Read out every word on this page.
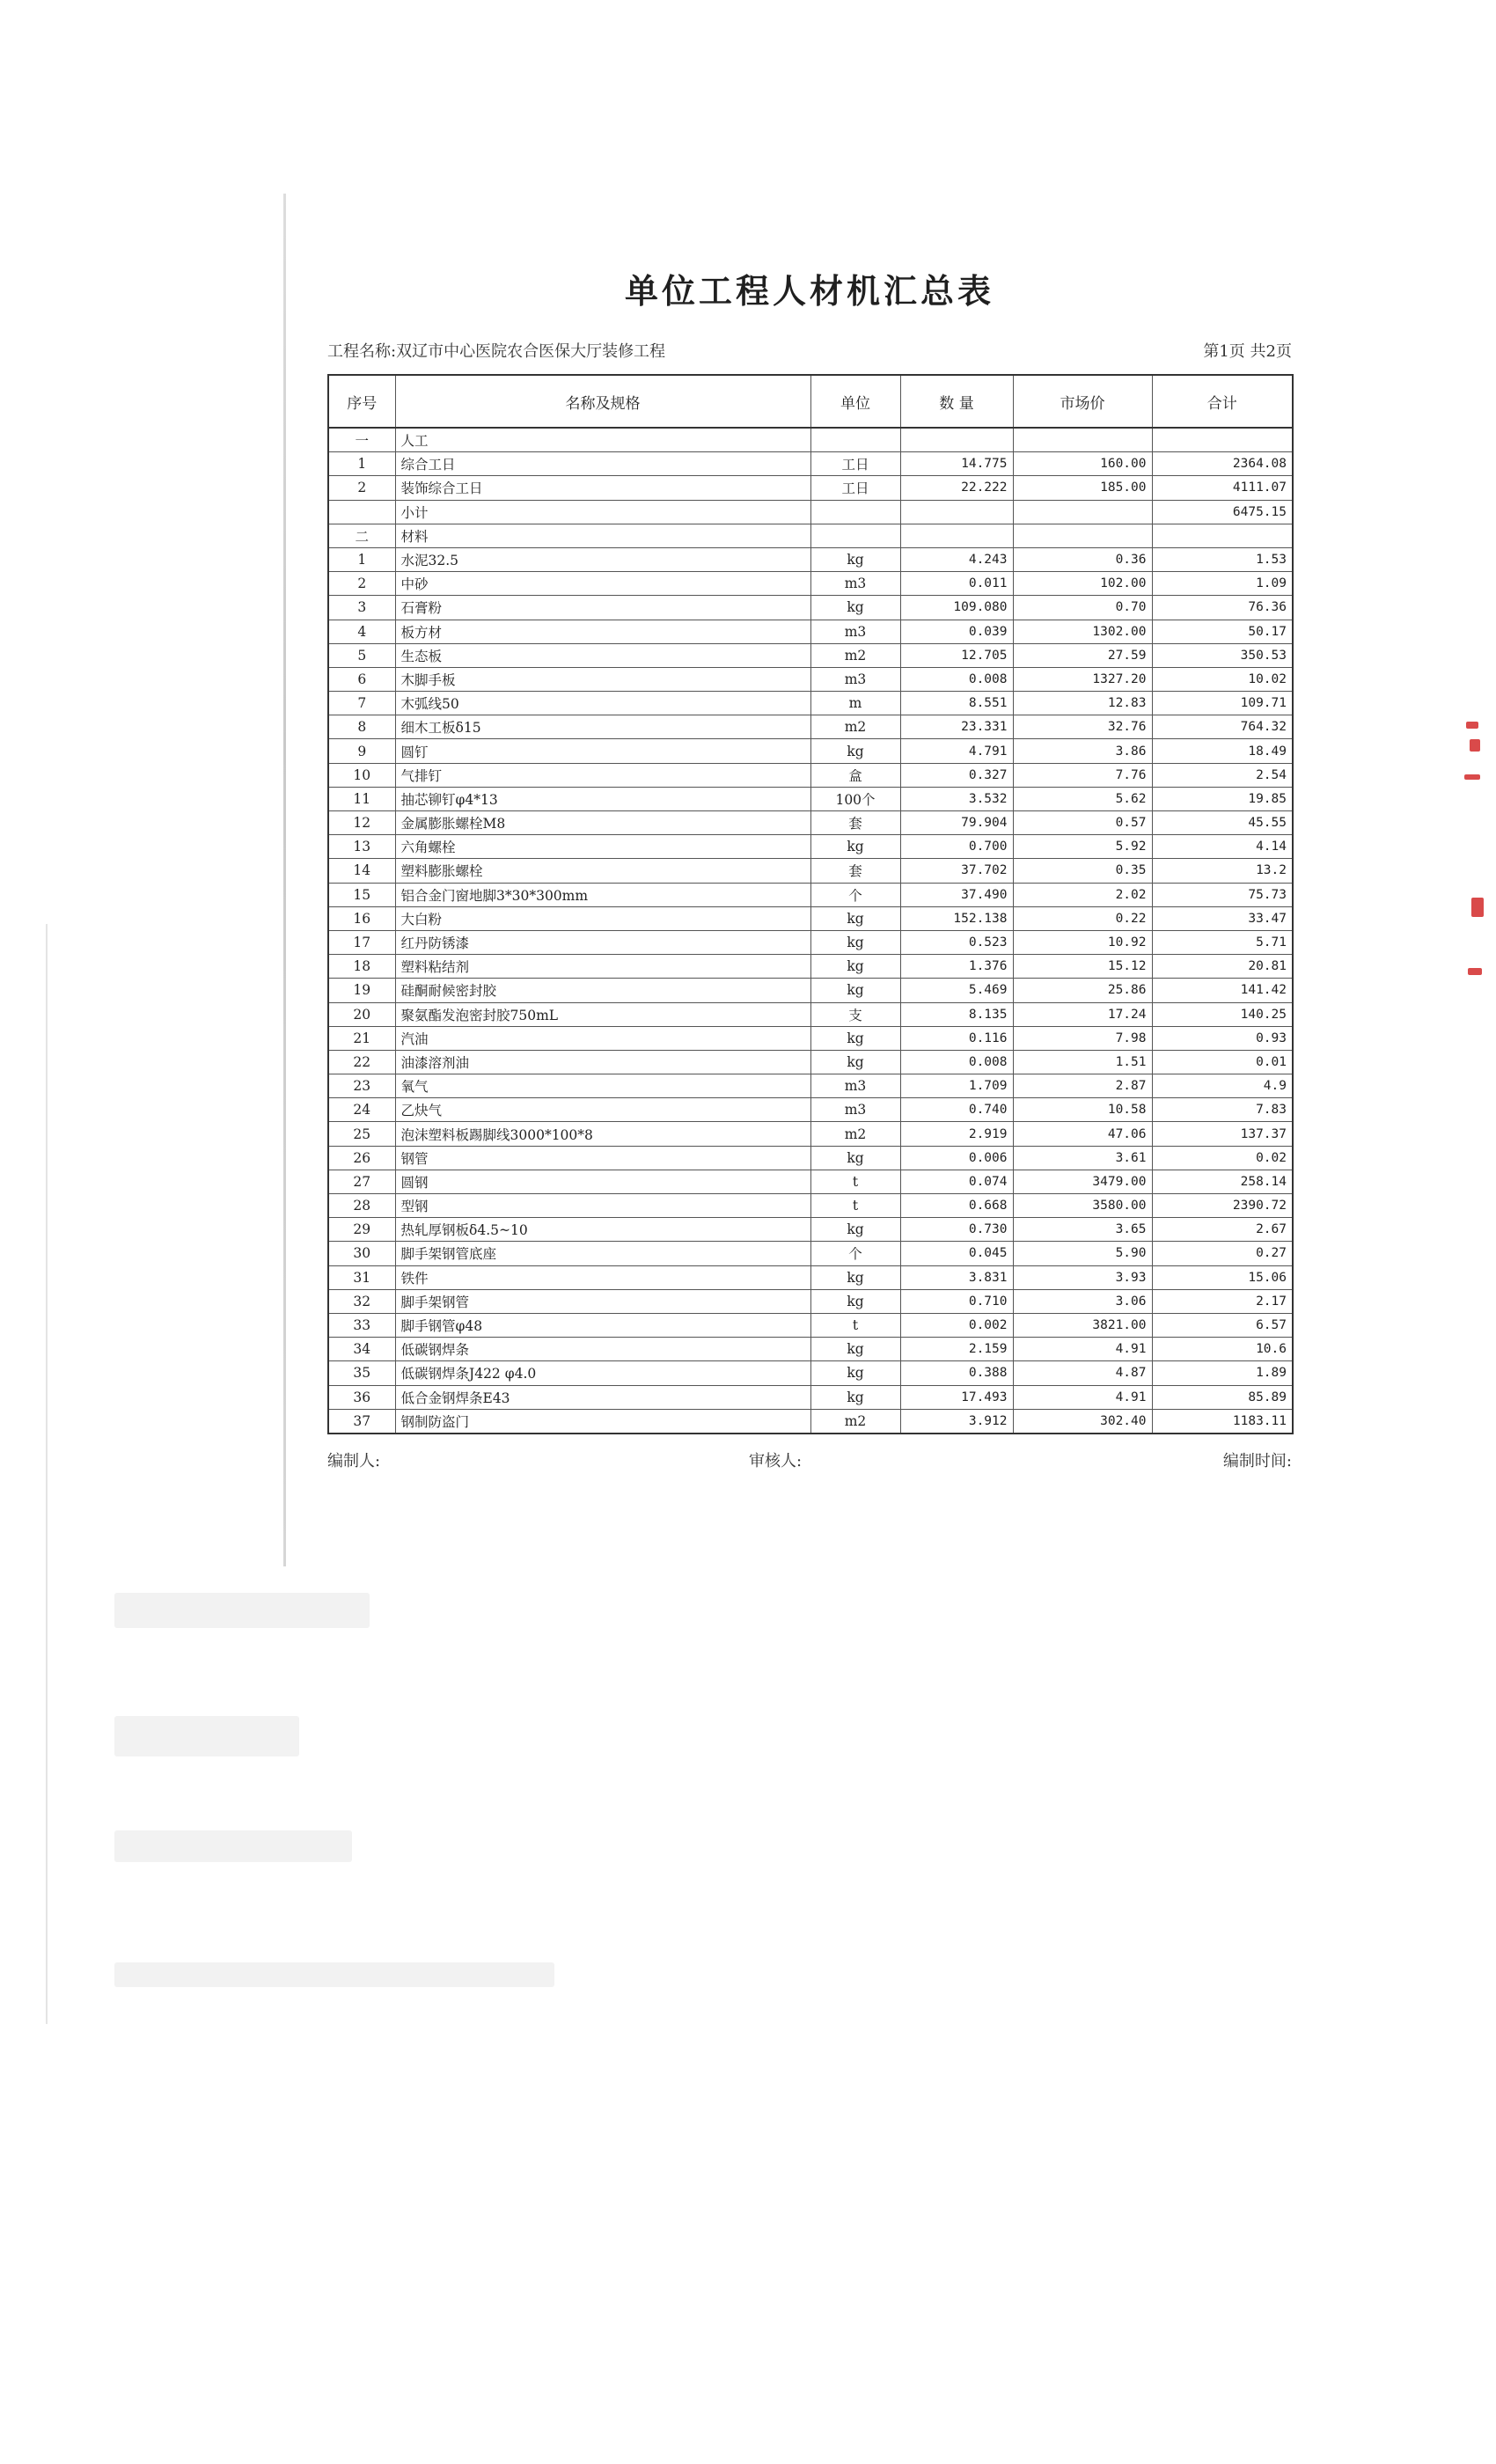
单位工程人材机汇总表
工程名称:双辽市中心医院农合医保大厅装修工程	第1页 共2页
序号	名称及规格	单位	数 量	市场价	合计
一	人工				
1	综合工日	工日	14.775	160.00	2364.08
2	装饰综合工日	工日	22.222	185.00	4111.07
	小计				6475.15
二	材料				
1	水泥32.5	kg	4.243	0.36	1.53
2	中砂	m3	0.011	102.00	1.09
3	石膏粉	kg	109.080	0.70	76.36
4	板方材	m3	0.039	1302.00	50.17
5	生态板	m2	12.705	27.59	350.53
6	木脚手板	m3	0.008	1327.20	10.02
7	木弧线50	m	8.551	12.83	109.71
8	细木工板δ15	m2	23.331	32.76	764.32
9	圆钉	kg	4.791	3.86	18.49
10	气排钉	盒	0.327	7.76	2.54
11	抽芯铆钉φ4*13	100个	3.532	5.62	19.85
12	金属膨胀螺栓M8	套	79.904	0.57	45.55
13	六角螺栓	kg	0.700	5.92	4.14
14	塑料膨胀螺栓	套	37.702	0.35	13.2
15	铝合金门窗地脚3*30*300mm	个	37.490	2.02	75.73
16	大白粉	kg	152.138	0.22	33.47
17	红丹防锈漆	kg	0.523	10.92	5.71
18	塑料粘结剂	kg	1.376	15.12	20.81
19	硅酮耐候密封胶	kg	5.469	25.86	141.42
20	聚氨酯发泡密封胶750mL	支	8.135	17.24	140.25
21	汽油	kg	0.116	7.98	0.93
22	油漆溶剂油	kg	0.008	1.51	0.01
23	氧气	m3	1.709	2.87	4.9
24	乙炔气	m3	0.740	10.58	7.83
25	泡沫塑料板踢脚线3000*100*8	m2	2.919	47.06	137.37
26	钢管	kg	0.006	3.61	0.02
27	圆钢	t	0.074	3479.00	258.14
28	型钢	t	0.668	3580.00	2390.72
29	热轧厚钢板δ4.5~10	kg	0.730	3.65	2.67
30	脚手架钢管底座	个	0.045	5.90	0.27
31	铁件	kg	3.831	3.93	15.06
32	脚手架钢管	kg	0.710	3.06	2.17
33	脚手钢管φ48	t	0.002	3821.00	6.57
34	低碳钢焊条	kg	2.159	4.91	10.6
35	低碳钢焊条J422 φ4.0	kg	0.388	4.87	1.89
36	低合金钢焊条E43	kg	17.493	4.91	85.89
37	钢制防盗门	m2	3.912	302.40	1183.11
编制人:	审核人:	编制时间:
